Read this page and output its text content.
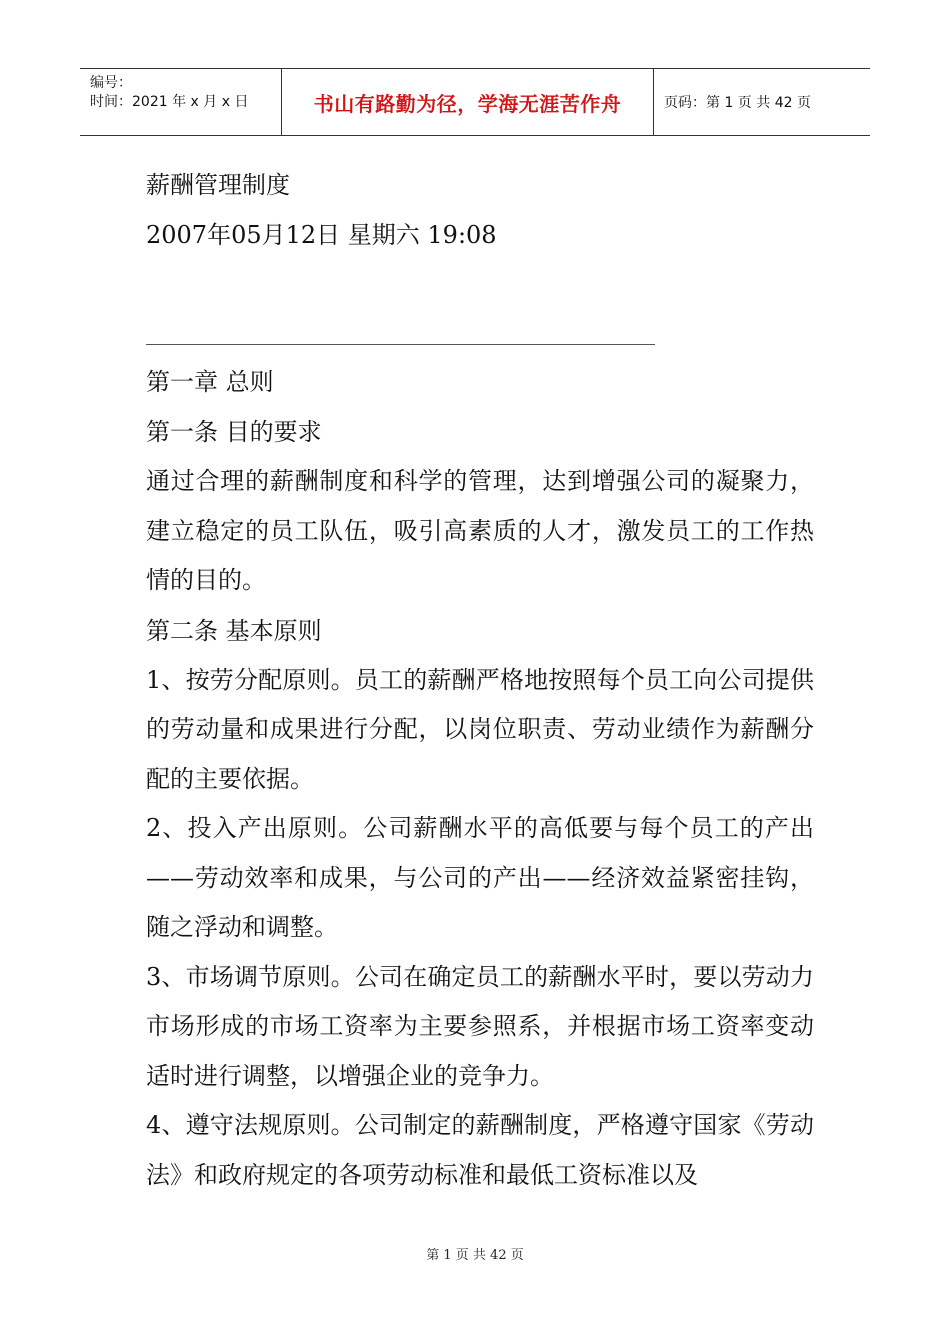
编号：
时间：2021 年 x 月 x 日	书山有路勤为径，学海无涯苦作舟	页码：第 1 页 共 42 页
薪酬管理制度
2007年05月12日 星期六 19:08
第一章 总则
第一条 目的要求
通过合理的薪酬制度和科学的管理，达到增强公司的凝聚力，建立稳定的员工队伍，吸引高素质的人才，激发员工的工作热情的目的。
第二条 基本原则
1、按劳分配原则。员工的薪酬严格地按照每个员工向公司提供的劳动量和成果进行分配，以岗位职责、劳动业绩作为薪酬分配的主要依据。
2、投入产出原则。公司薪酬水平的高低要与每个员工的产出——劳动效率和成果，与公司的产出——经济效益紧密挂钩，随之浮动和调整。
3、市场调节原则。公司在确定员工的薪酬水平时，要以劳动力市场形成的市场工资率为主要参照系，并根据市场工资率变动适时进行调整，以增强企业的竞争力。
4、遵守法规原则。公司制定的薪酬制度，严格遵守国家《劳动法》和政府规定的各项劳动标准和最低工资标准以及
第 1 页 共 42 页
